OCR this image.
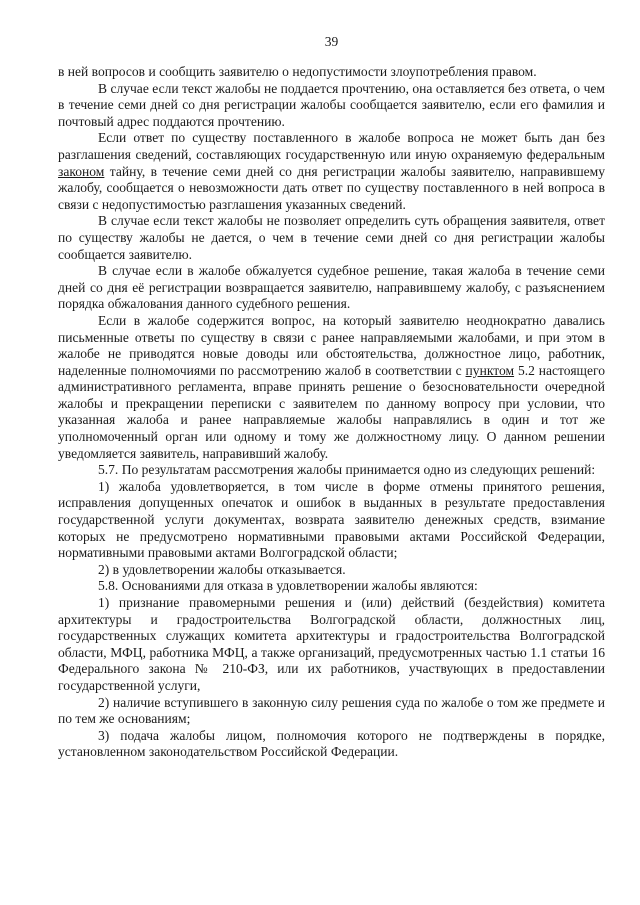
39

в ней вопросов и сообщить заявителю о недопустимости злоупотребления правом.

В случае если текст жалобы не поддается прочтению, она оставляется без ответа, о чем в течение семи дней со дня регистрации жалобы сообщается заявителю, если его фамилия и почтовый адрес поддаются прочтению.

Если ответ по существу поставленного в жалобе вопроса не может быть дан без разглашения сведений, составляющих государственную или иную охраняемую федеральным законом тайну, в течение семи дней со дня регистрации жалобы заявителю, направившему жалобу, сообщается о невозможности дать ответ по существу поставленного в ней вопроса в связи с недопустимостью разглашения указанных сведений.

В случае если текст жалобы не позволяет определить суть обращения заявителя, ответ по существу жалобы не дается, о чем в течение семи дней со дня регистрации жалобы сообщается заявителю.

В случае если в жалобе обжалуется судебное решение, такая жалоба в течение семи дней со дня её регистрации возвращается заявителю, направившему жалобу, с разъяснением порядка обжалования данного судебного решения.

Если в жалобе содержится вопрос, на который заявителю неоднократно давались письменные ответы по существу в связи с ранее направляемыми жалобами, и при этом в жалобе не приводятся новые доводы или обстоятельства, должностное лицо, работник, наделенные полномочиями по рассмотрению жалоб в соответствии с пунктом 5.2 настоящего административного регламента, вправе принять решение о безосновательности очередной жалобы и прекращении переписки с заявителем по данному вопросу при условии, что указанная жалоба и ранее направляемые жалобы направлялись в один и тот же уполномоченный орган или одному и тому же должностному лицу. О данном решении уведомляется заявитель, направивший жалобу.

5.7. По результатам рассмотрения жалобы принимается одно из следующих решений:

1) жалоба удовлетворяется, в том числе в форме отмены принятого решения, исправления допущенных опечаток и ошибок в выданных в результате предоставления государственной услуги документах, возврата заявителю денежных средств, взимание которых не предусмотрено нормативными правовыми актами Российской Федерации, нормативными правовыми актами Волгоградской области;

2) в удовлетворении жалобы отказывается.

5.8. Основаниями для отказа в удовлетворении жалобы являются:

1) признание правомерными решения и (или) действий (бездействия) комитета архитектуры и градостроительства Волгоградской области, должностных лиц, государственных служащих комитета архитектуры и градостроительства Волгоградской области, МФЦ, работника МФЦ, а также организаций, предусмотренных частью 1.1 статьи 16 Федерального закона № 210-ФЗ, или их работников, участвующих в предоставлении государственной услуги,

2) наличие вступившего в законную силу решения суда по жалобе о том же предмете и по тем же основаниям;

3) подача жалобы лицом, полномочия которого не подтверждены в порядке, установленном законодательством Российской Федерации.
